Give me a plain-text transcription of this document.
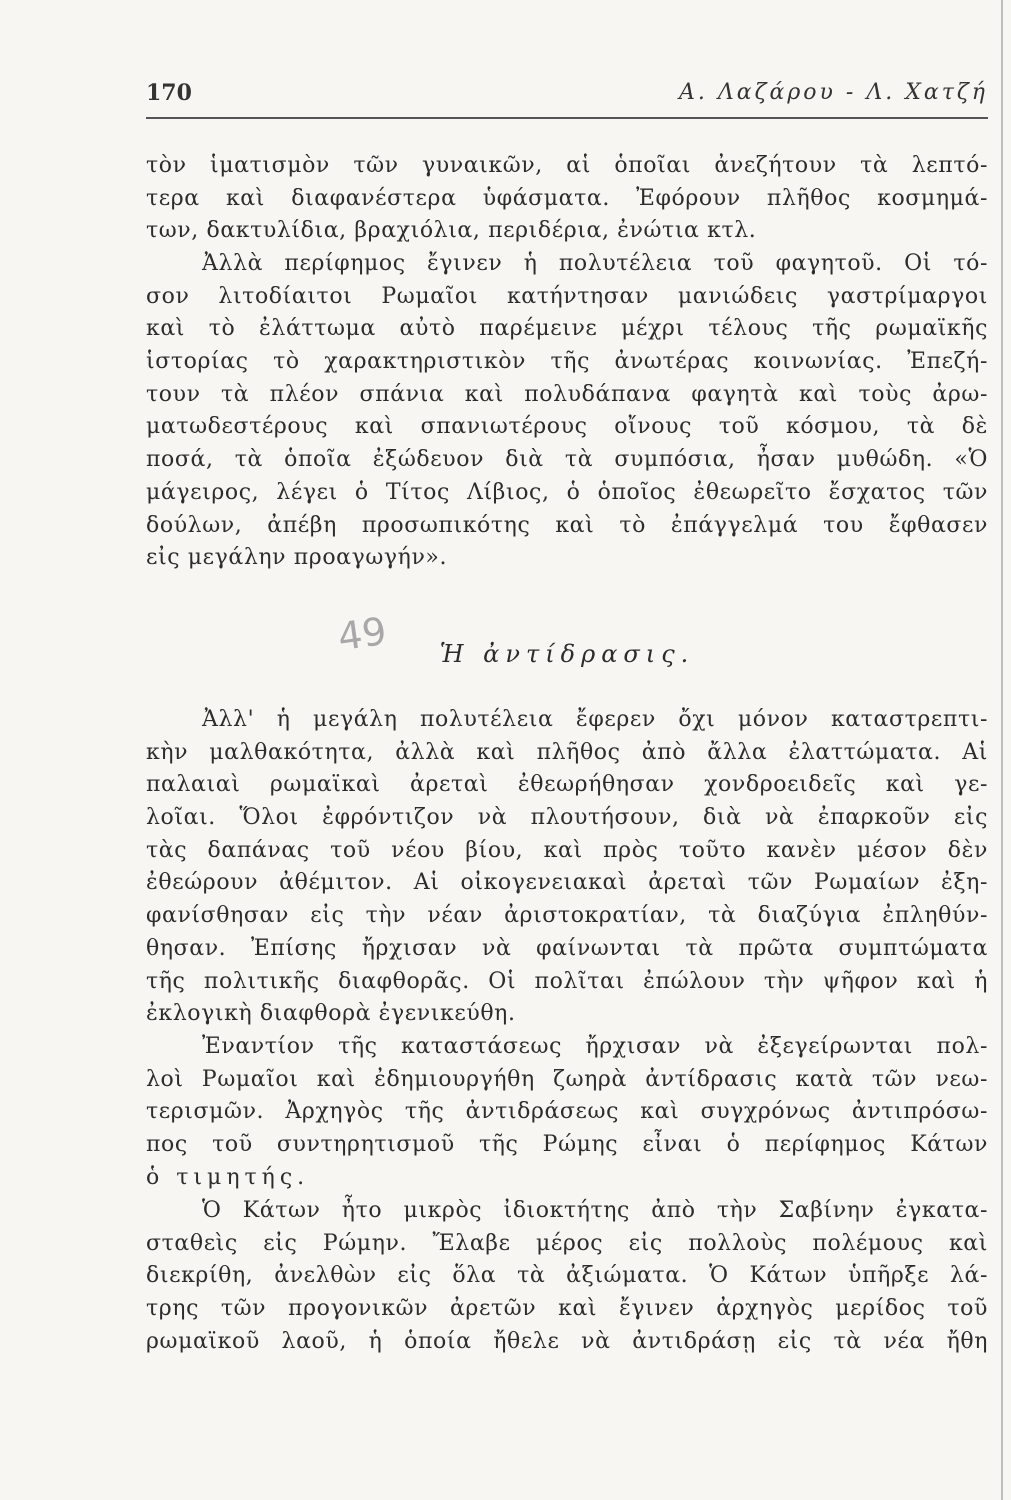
170	Α. Λαζάρου - Λ. Χατζή
τὸν ἱματισμὸν τῶν γυναικῶν, αἱ ὁποῖαι ἀνεζήτουν τὰ λεπτό-
τερα καὶ διαφανέστερα ὑφάσματα. Ἐφόρουν πλῆθος κοσμημά-
των, δακτυλίδια, βραχιόλια, περιδέρια, ἐνώτια κτλ.
Ἀλλὰ περίφημος ἔγινεν ἡ πολυτέλεια τοῦ φαγητοῦ. Οἱ τό-
σον λιτοδίαιτοι Ρωμαῖοι κατήντησαν μανιώδεις γαστρίμαργοι
καὶ τὸ ἐλάττωμα αὐτὸ παρέμεινε μέχρι τέλους τῆς ρωμαϊκῆς
ἱστορίας τὸ χαρακτηριστικὸν τῆς ἀνωτέρας κοινωνίας. Ἐπεζή-
τουν τὰ πλέον σπάνια καὶ πολυδάπανα φαγητὰ καὶ τοὺς ἀρω-
ματωδεστέρους καὶ σπανιωτέρους οἴνους τοῦ κόσμου, τὰ δὲ
ποσά, τὰ ὁποῖα ἐξώδευον διὰ τὰ συμπόσια, ἦσαν μυθώδη. «Ὁ
μάγειρος, λέγει ὁ Τίτος Λίβιος, ὁ ὁποῖος ἐθεωρεῖτο ἔσχατος τῶν
δούλων, ἀπέβη προσωπικότης καὶ τὸ ἐπάγγελμά του ἔφθασεν
εἰς μεγάλην προαγωγήν».
49	Ἡ ἀντίδρασις.
Ἀλλ' ἡ μεγάλη πολυτέλεια ἔφερεν ὄχι μόνον καταστρεπτι-
κὴν μαλθακότητα, ἀλλὰ καὶ πλῆθος ἀπὸ ἄλλα ἐλαττώματα. Αἱ
παλαιαὶ ρωμαϊκαὶ ἀρεταὶ ἐθεωρήθησαν χονδροειδεῖς καὶ γε-
λοῖαι. Ὅλοι ἐφρόντιζον νὰ πλουτήσουν, διὰ νὰ ἐπαρκοῦν εἰς
τὰς δαπάνας τοῦ νέου βίου, καὶ πρὸς τοῦτο κανὲν μέσον δὲν
ἐθεώρουν ἀθέμιτον. Αἱ οἰκογενειακαὶ ἀρεταὶ τῶν Ρωμαίων ἐξη-
φανίσθησαν εἰς τὴν νέαν ἀριστοκρατίαν, τὰ διαζύγια ἐπληθύν-
θησαν. Ἐπίσης ἤρχισαν νὰ φαίνωνται τὰ πρῶτα συμπτώματα
τῆς πολιτικῆς διαφθορᾶς. Οἱ πολῖται ἐπώλουν τὴν ψῆφον καὶ ἡ
ἐκλογικὴ διαφθορὰ ἐγενικεύθη.
Ἐναντίον τῆς καταστάσεως ἤρχισαν νὰ ἐξεγείρωνται πολ-
λοὶ Ρωμαῖοι καὶ ἐδημιουργήθη ζωηρὰ ἀντίδρασις κατὰ τῶν νεω-
τερισμῶν. Ἀρχηγὸς τῆς ἀντιδράσεως καὶ συγχρόνως ἀντιπρόσω-
πος τοῦ συντηρητισμοῦ τῆς Ρώμης εἶναι ὁ περίφημος Κάτων
ὁ τιμητής.
Ὁ Κάτων ἦτο μικρὸς ἰδιοκτήτης ἀπὸ τὴν Σαβίνην ἐγκατα-
σταθεὶς εἰς Ρώμην. Ἔλαβε μέρος εἰς πολλοὺς πολέμους καὶ
διεκρίθη, ἀνελθὼν εἰς ὅλα τὰ ἀξιώματα. Ὁ Κάτων ὑπῆρξε λά-
τρης τῶν προγονικῶν ἀρετῶν καὶ ἔγινεν ἀρχηγὸς μερίδος τοῦ
ρωμαϊκοῦ λαοῦ, ἡ ὁποία ἤθελε νὰ ἀντιδράσῃ εἰς τὰ νέα ἤθη
